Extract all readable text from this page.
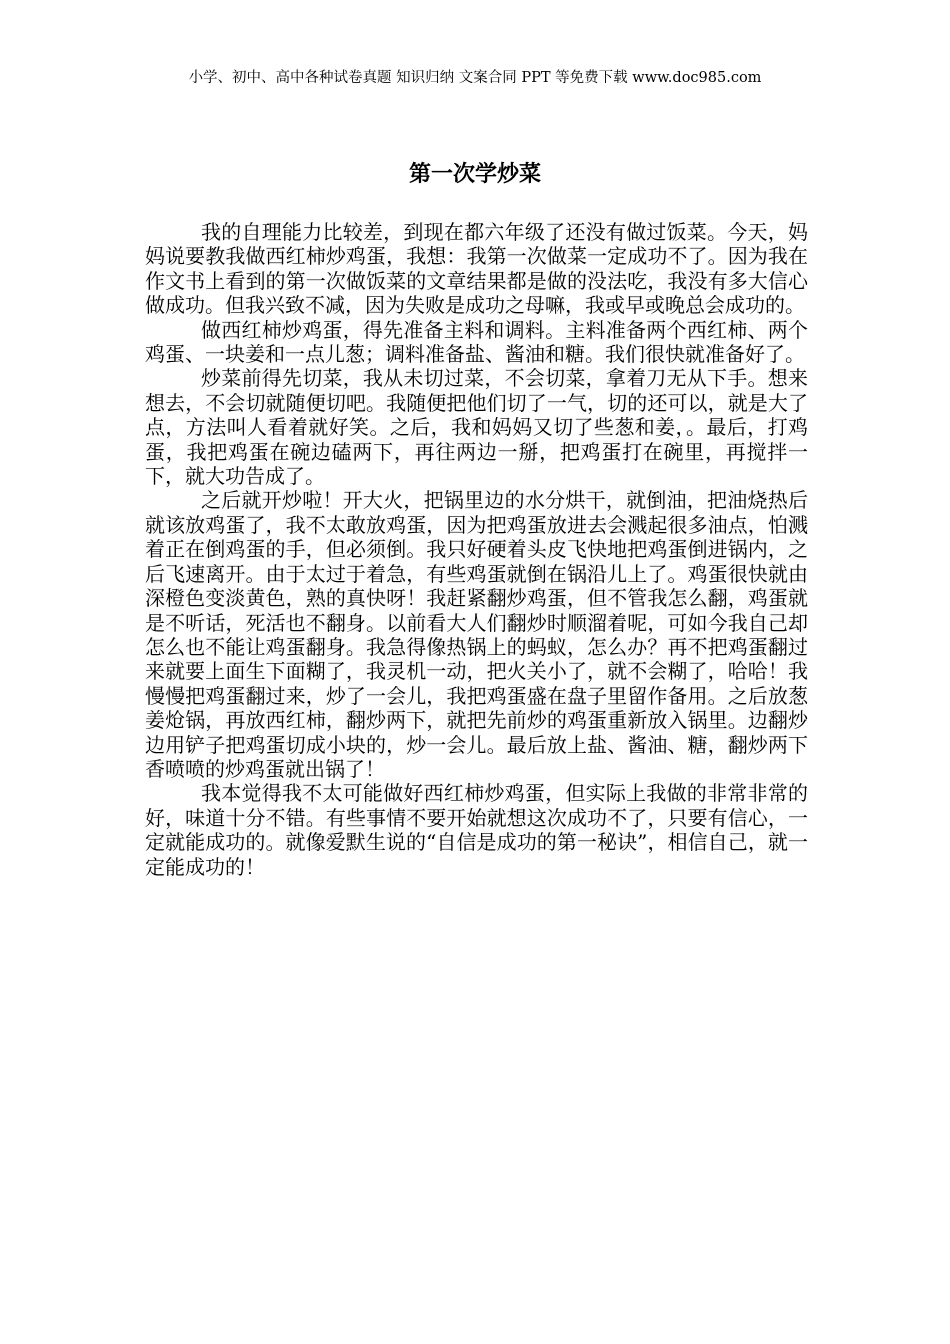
小学、初中、高中各种试卷真题 知识归纳 文案合同 PPT 等免费下载 www.doc985.com
第一次学炒菜

我的自理能力比较差，到现在都六年级了还没有做过饭菜。今天，妈妈说要教我做西红柿炒鸡蛋，我想：我第一次做菜一定成功不了。因为我在作文书上看到的第一次做饭菜的文章结果都是做的没法吃，我没有多大信心做成功。但我兴致不减，因为失败是成功之母嘛，我或早或晚总会成功的。

做西红柿炒鸡蛋，得先准备主料和调料。主料准备两个西红柿、两个鸡蛋、一块姜和一点儿葱；调料准备盐、酱油和糖。我们很快就准备好了。

炒菜前得先切菜，我从未切过菜，不会切菜，拿着刀无从下手。想来想去，不会切就随便切吧。我随便把他们切了一气，切的还可以，就是大了点，方法叫人看着就好笑。之后，我和妈妈又切了些葱和姜，。最后，打鸡蛋，我把鸡蛋在碗边磕两下，再往两边一掰，把鸡蛋打在碗里，再搅拌一下，就大功告成了。

之后就开炒啦！开大火，把锅里边的水分烘干，就倒油，把油烧热后就该放鸡蛋了，我不太敢放鸡蛋，因为把鸡蛋放进去会溅起很多油点，怕溅着正在倒鸡蛋的手，但必须倒。我只好硬着头皮飞快地把鸡蛋倒进锅内，之后飞速离开。由于太过于着急，有些鸡蛋就倒在锅沿儿上了。鸡蛋很快就由深橙色变淡黄色，熟的真快呀！我赶紧翻炒鸡蛋，但不管我怎么翻，鸡蛋就是不听话，死活也不翻身。以前看大人们翻炒时顺溜着呢，可如今我自己却怎么也不能让鸡蛋翻身。我急得像热锅上的蚂蚁，怎么办？再不把鸡蛋翻过来就要上面生下面糊了，我灵机一动，把火关小了，就不会糊了，哈哈！我慢慢把鸡蛋翻过来，炒了一会儿，我把鸡蛋盛在盘子里留作备用。之后放葱姜炝锅，再放西红柿，翻炒两下，就把先前炒的鸡蛋重新放入锅里。边翻炒边用铲子把鸡蛋切成小块的，炒一会儿。最后放上盐、酱油、糖，翻炒两下香喷喷的炒鸡蛋就出锅了！

我本觉得我不太可能做好西红柿炒鸡蛋，但实际上我做的非常非常的好，味道十分不错。有些事情不要开始就想这次成功不了，只要有信心，一定就能成功的。就像爱默生说的“自信是成功的第一秘诀”，相信自己，就一定能成功的！
